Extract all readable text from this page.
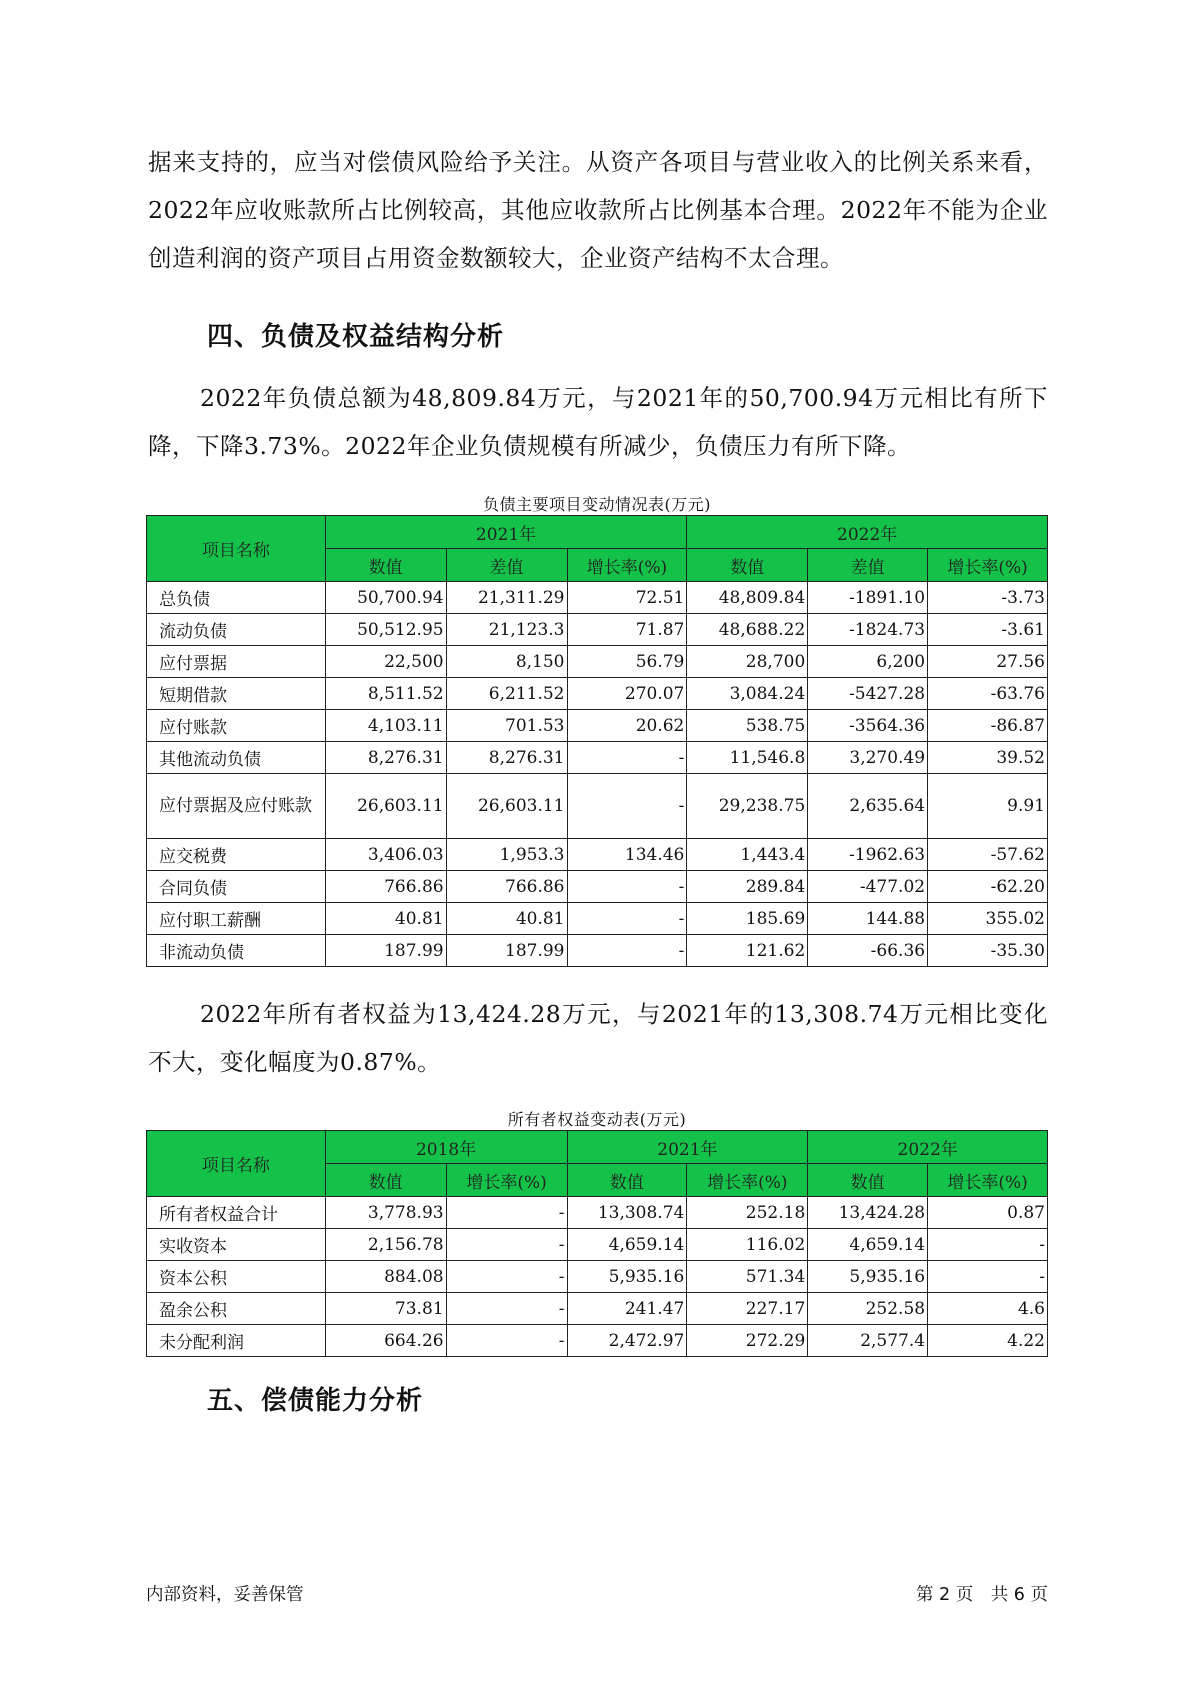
据来支持的，应当对偿债风险给予关注。从资产各项目与营业收入的比例关系来看，2022年应收账款所占比例较高，其他应收款所占比例基本合理。2022年不能为企业创造利润的资产项目占用资金数额较大，企业资产结构不太合理。

四、负债及权益结构分析

2022年负债总额为48,809.84万元，与2021年的50,700.94万元相比有所下降，下降3.73%。2022年企业负债规模有所减少，负债压力有所下降。

负债主要项目变动情况表(万元)
项目名称	2021年			2022年		
	数值	差值	增长率(%)	数值	差值	增长率(%)
总负债	50,700.94	21,311.29	72.51	48,809.84	-1891.10	-3.73
流动负债	50,512.95	21,123.3	71.87	48,688.22	-1824.73	-3.61
应付票据	22,500	8,150	56.79	28,700	6,200	27.56
短期借款	8,511.52	6,211.52	270.07	3,084.24	-5427.28	-63.76
应付账款	4,103.11	701.53	20.62	538.75	-3564.36	-86.87
其他流动负债	8,276.31	8,276.31	-	11,546.8	3,270.49	39.52
应付票据及应付账款	26,603.11	26,603.11	-	29,238.75	2,635.64	9.91
应交税费	3,406.03	1,953.3	134.46	1,443.4	-1962.63	-57.62
合同负债	766.86	766.86	-	289.84	-477.02	-62.20
应付职工薪酬	40.81	40.81	-	185.69	144.88	355.02
非流动负债	187.99	187.99	-	121.62	-66.36	-35.30

2022年所有者权益为13,424.28万元，与2021年的13,308.74万元相比变化不大，变化幅度为0.87%。

所有者权益变动表(万元)
项目名称	2018年		2021年		2022年	
	数值	增长率(%)	数值	增长率(%)	数值	增长率(%)
所有者权益合计	3,778.93	-	13,308.74	252.18	13,424.28	0.87
实收资本	2,156.78	-	4,659.14	116.02	4,659.14	-
资本公积	884.08	-	5,935.16	571.34	5,935.16	-
盈余公积	73.81	-	241.47	227.17	252.58	4.6
未分配利润	664.26	-	2,472.97	272.29	2,577.4	4.22
五、偿债能力分析
内部资料，妥善保管	第 2 页　共 6 页
